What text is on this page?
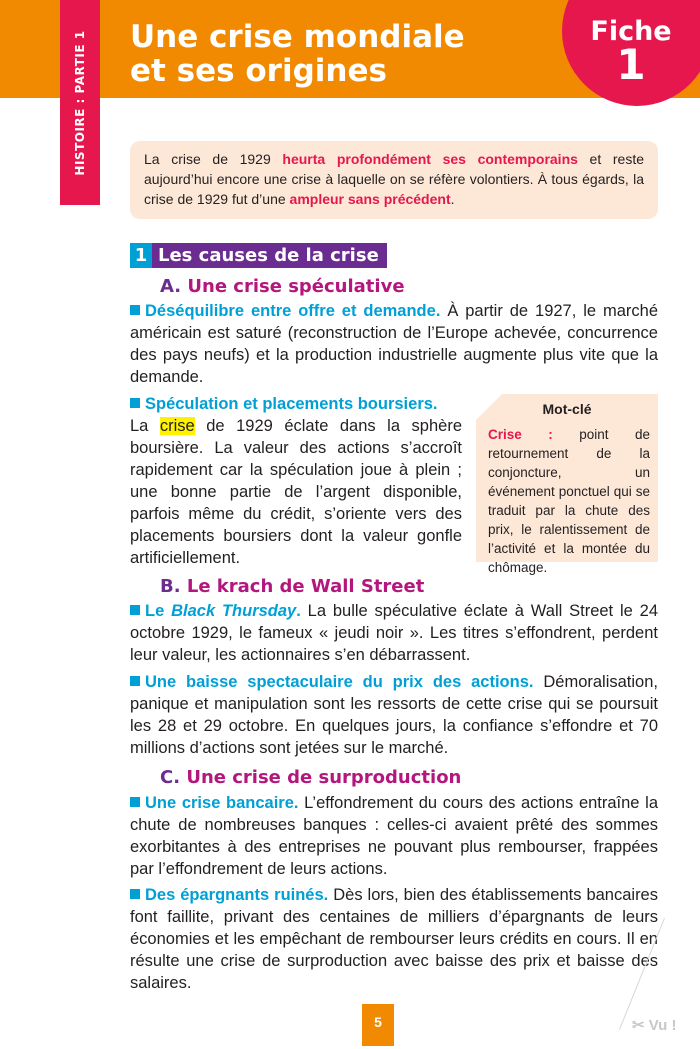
HISTOIRE : PARTIE 1 Une crise mondiale
et ses origines
Fiche
1
La crise de 1929 heurta profondément ses contemporains et reste aujourd’hui encore une crise à laquelle on se réfère volontiers. À tous égards, la crise de 1929 fut d’une ampleur sans précédent.
1 Les causes de la crise
A. Une crise spéculative
Déséquilibre entre offre et demande. À partir de 1927, le marché américain est saturé (reconstruction de l’Europe achevée, concurrence des pays neufs) et la production industrielle augmente plus vite que la demande.
Spéculation et placements boursiers.
La crise de 1929 éclate dans la sphère boursière. La valeur des actions s’accroît rapidement car la spéculation joue à plein ; une bonne partie de l’argent disponible, parfois même du crédit, s’oriente vers des placements boursiers dont la valeur gonfle artificiellement.
Mot-clé
Crise : point de retournement de la conjoncture, un événement ponctuel qui se traduit par la chute des prix, le ralentissement de l’activité et la montée du chômage.
B. Le krach de Wall Street
Le Black Thursday. La bulle spéculative éclate à Wall Street le 24 octobre 1929, le fameux « jeudi noir ». Les titres s’effondrent, perdent leur valeur, les actionnaires s’en débarrassent.
Une baisse spectaculaire du prix des actions. Démoralisation, panique et manipulation sont les ressorts de cette crise qui se poursuit les 28 et 29 octobre. En quelques jours, la confiance s’effondre et 70 millions d’actions sont jetées sur le marché.
C. Une crise de surproduction
Une crise bancaire. L’effondrement du cours des actions entraîne la chute de nombreuses banques : celles-ci avaient prêté des sommes exorbitantes à des entreprises ne pouvant plus rembourser, frappées par l’effondrement de leurs actions.
Des épargnants ruinés. Dès lors, bien des établissements bancaires font faillite, privant des centaines de milliers d’épargnants de leurs économies et les empêchant de rembourser leurs crédits en cours. Il en résulte une crise de surproduction avec baisse des prix et baisse des salaires.
5	✂ Vu !
